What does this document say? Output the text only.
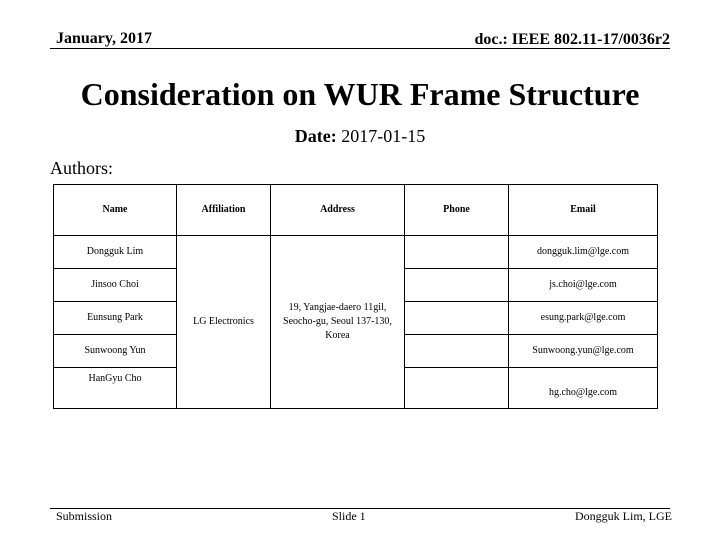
January, 2017	doc.: IEEE 802.11-17/0036r2
Consideration on WUR Frame Structure
Date: 2017-01-15
Authors:
Name	Affiliation	Address	Phone	Email
Dongguk Lim	LG Electronics	19, Yangjae-daero 11gil, Seocho-gu, Seoul 137-130, Korea		dongguk.lim@lge.com
Jinsoo Choi				js.choi@lge.com
Eunsung Park				esung.park@lge.com
Sunwoong Yun				Sunwoong.yun@lge.com
HanGyu Cho				hg.cho@lge.com
Submission	Slide 1	Dongguk Lim, LGE
